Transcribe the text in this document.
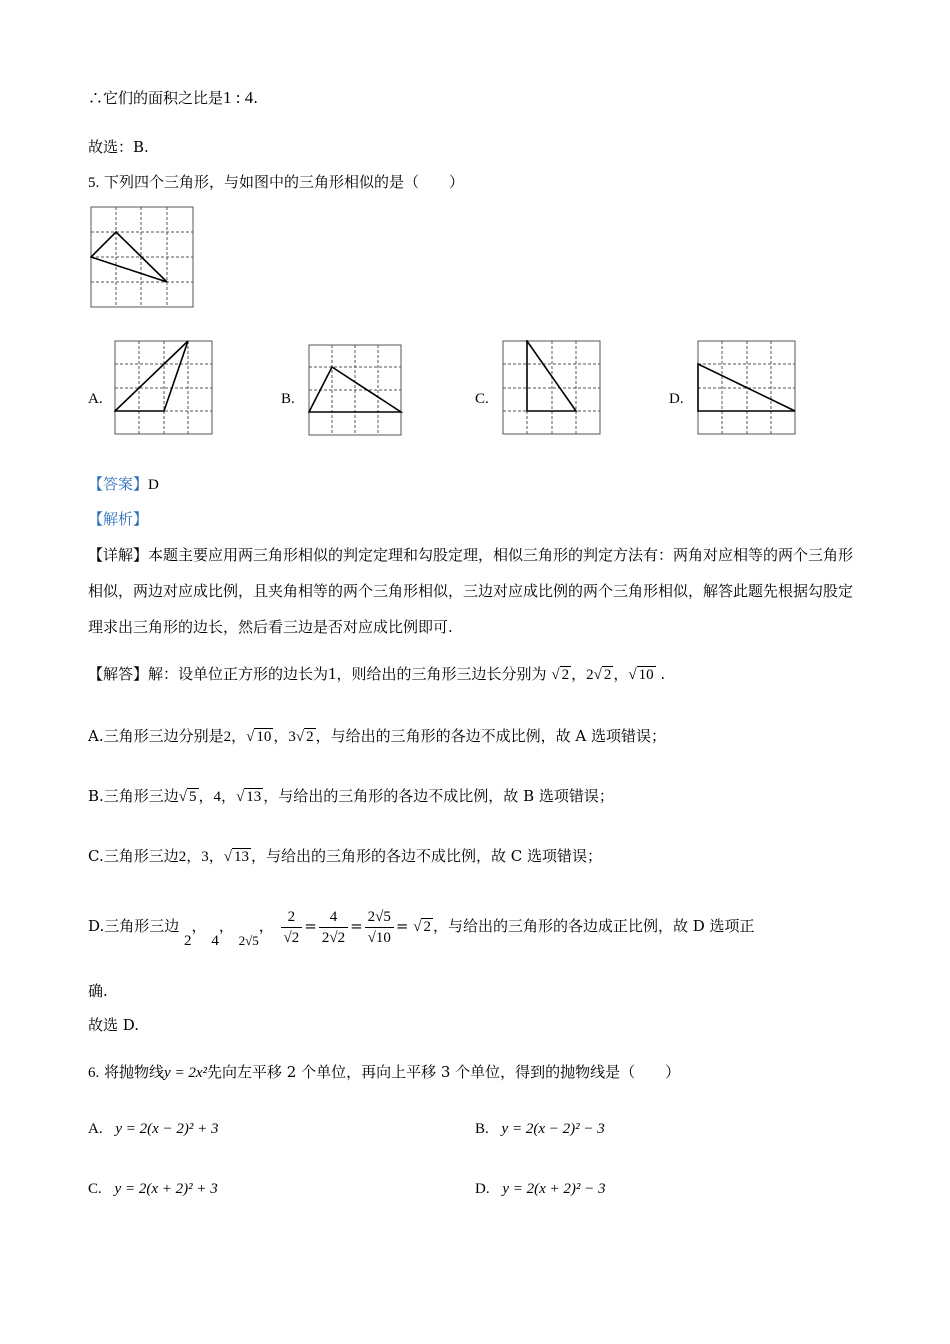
∴它们的面积之比是1 : 4.
故选：B.
5. 下列四个三角形，与如图中的三角形相似的是（　　）
A.	B.	C.	D.
【答案】D
【解析】
【详解】本题主要应用两三角形相似的判定定理和勾股定理，相似三角形的判定方法有：两角对应相等的两个三角形相似，两边对应成比例，且夹角相等的两个三角形相似，三边对应成比例的两个三角形相似，解答此题先根据勾股定理求出三角形的边长，然后看三边是否对应成比例即可.
【解答】解：设单位正方形的边长为1，则给出的三角形三边长分别为 √ 2 ，2√ 2 ，√ 10 .
A.三角形三边分别是2，√ 10 ，3√ 2 ，与给出的三角形的各边不成比例，故 A 选项错误；
B.三角形三边√ 5 ，4，√ 13 ，与给出的三角形的各边不成比例，故 B 选项错误；
C.三角形三边2，3，√ 13 ，与给出的三角形的各边不成比例，故 C 选项错误；
D.三角形三边 2， 4， 2√5， $\frac{2}{√2} = \frac{4}{2√2} = \frac{2√5}{√10}$ = √ 2 ，与给出的三角形的各边成正比例，故 D 选项正
确.
故选 D.
6. 将抛物线y = 2x²先向左平移 2 个单位，再向上平移 3 个单位，得到的抛物线是（　　）
A. y = 2(x − 2)² + 3	B. y = 2(x − 2)² − 3
C. y = 2(x + 2)² + 3	D. y = 2(x + 2)² − 3
